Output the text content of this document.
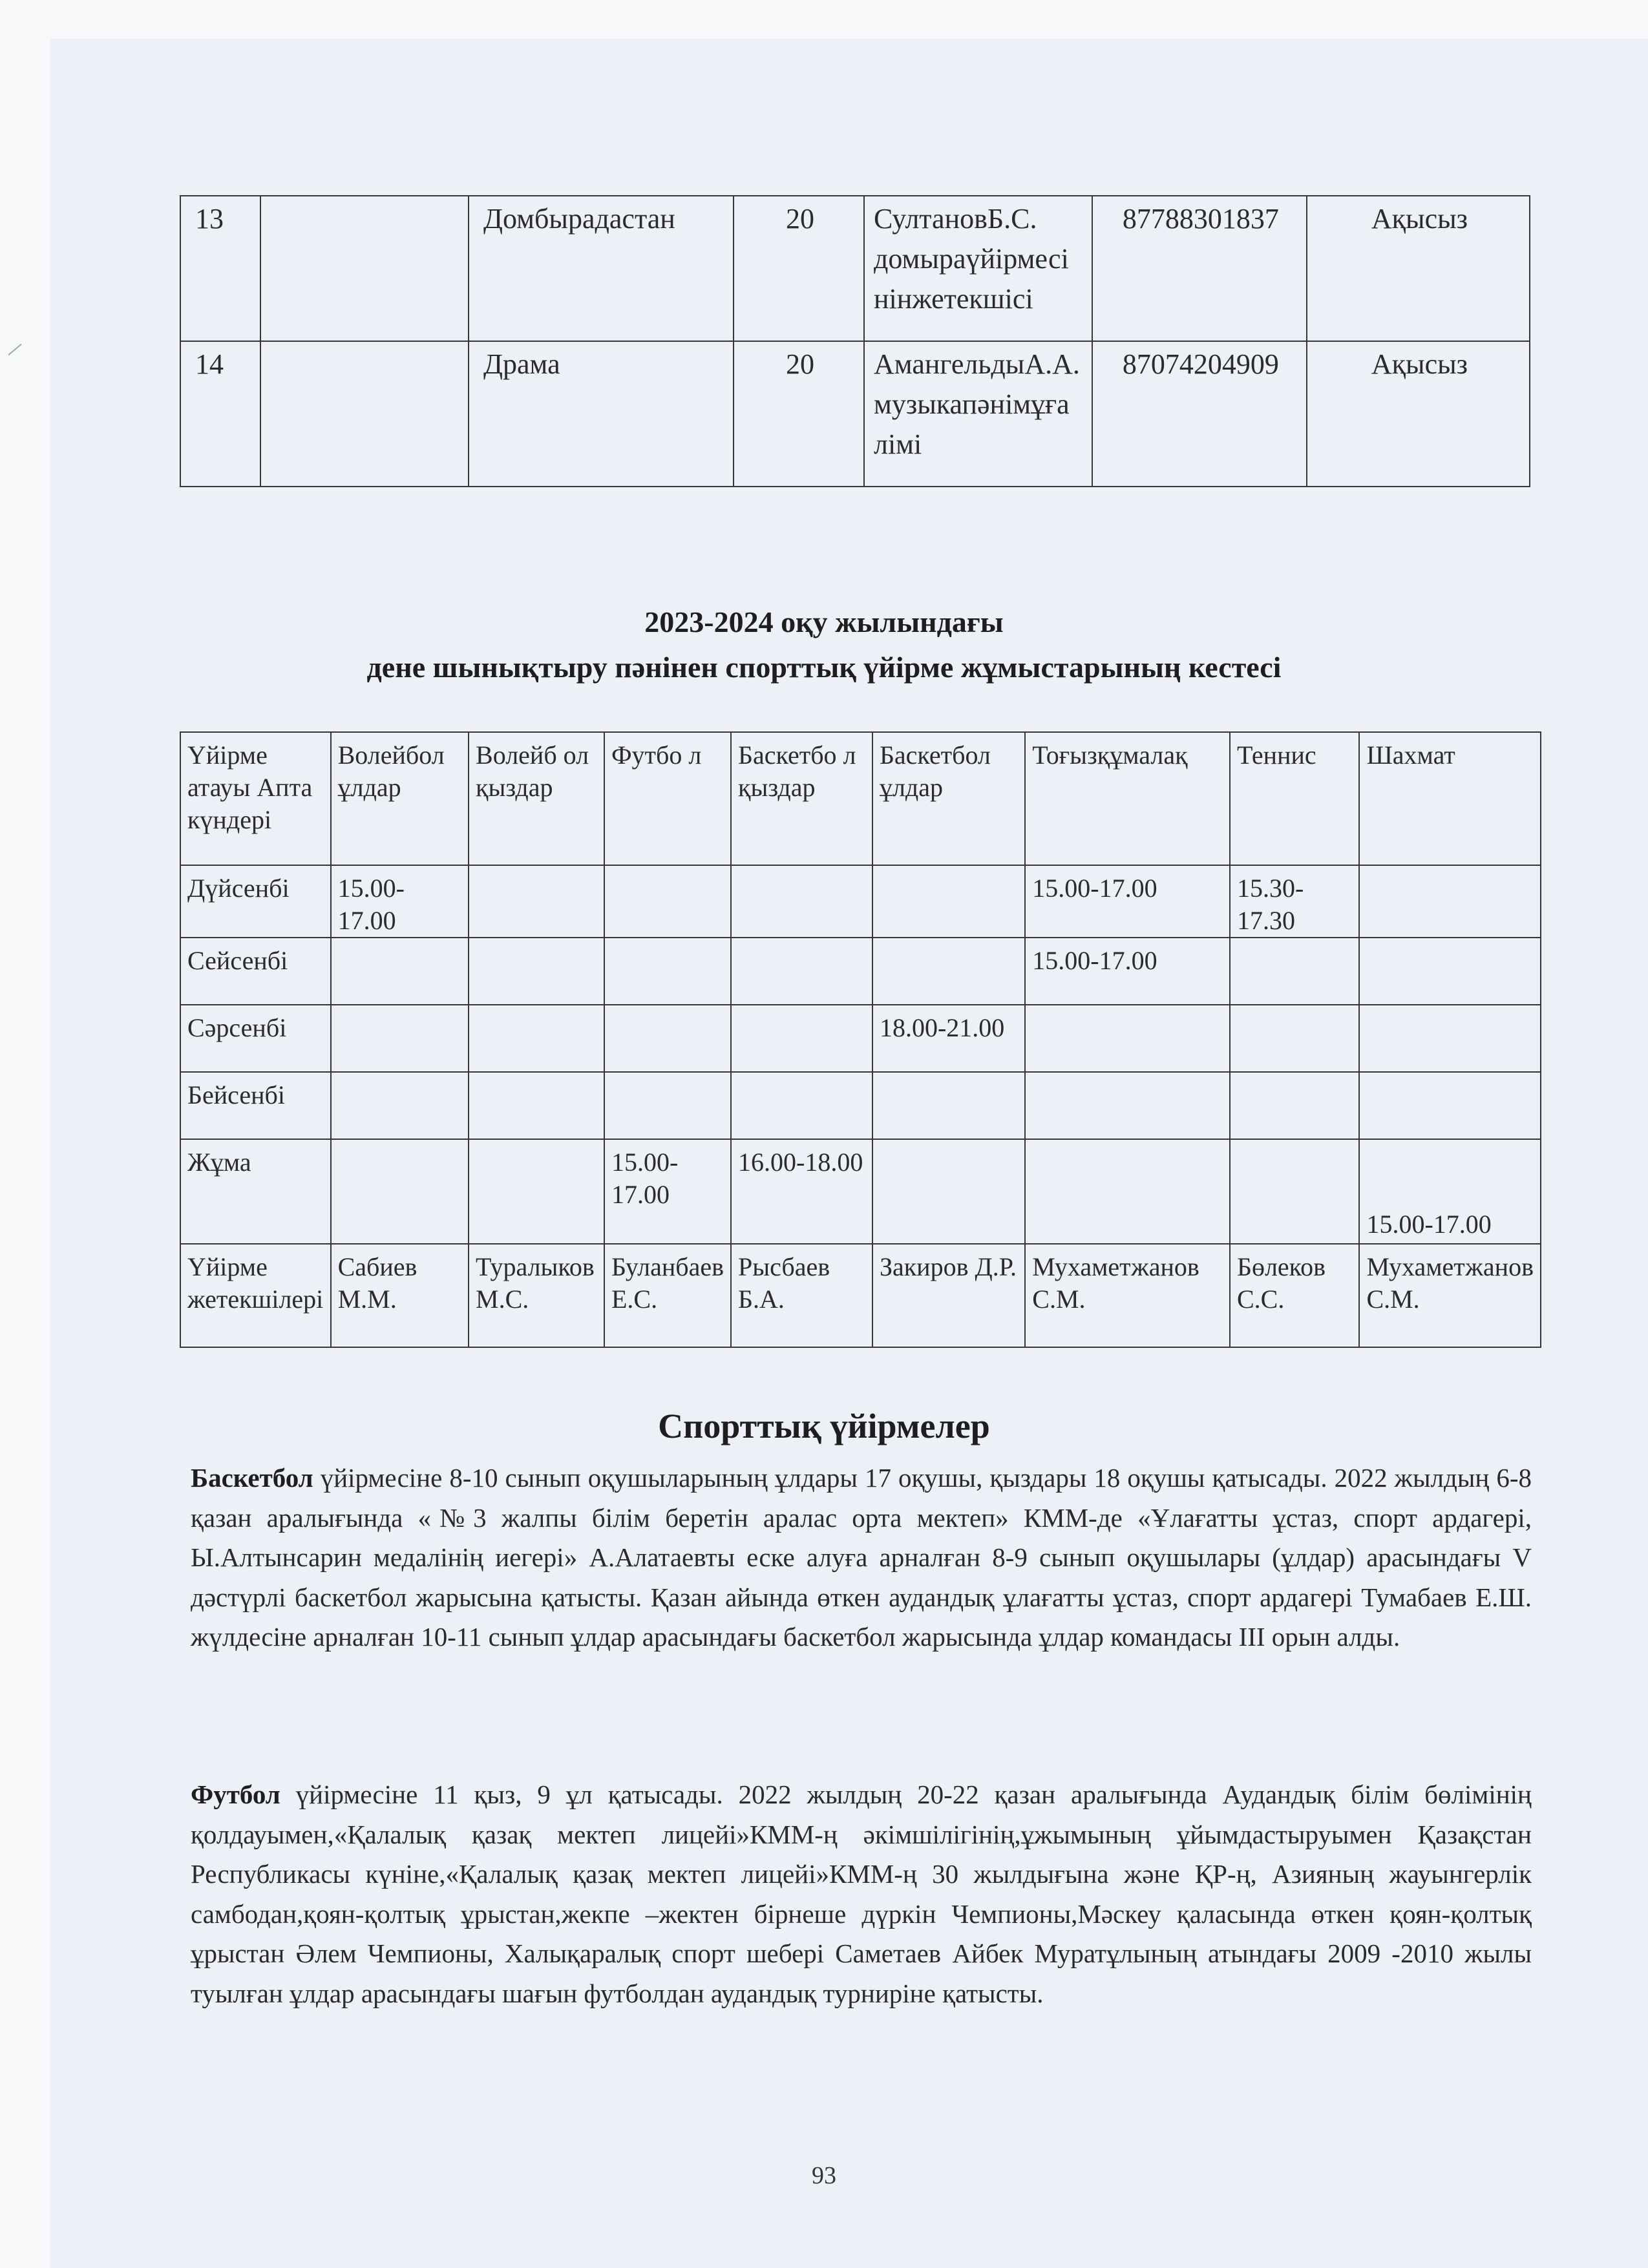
13		Домбырадастан	20	СултановБ.С. домыраүйірмесі нінжетекшісі	87788301837	Ақысыз
14		Драма	20	АмангельдыА.А. музыкапәнімұға лімі	87074204909	Ақысыз
2023-2024 оқу жылындағы
дене шынықтыру пәнінен спорттық үйірме жұмыстарының кестесі
Үйірме атауы Апта күндері	Волейбол ұлдар	Волейб ол қыздар	Футбо л	Баскетбо л қыздар	Баскетбол ұлдар	Тоғызқұмалақ	Теннис	Шахмат
Дүйсенбі	15.00-17.00					15.00-17.00	15.30-17.30	
Сейсенбі						15.00-17.00		
Сәрсенбі					18.00-21.00			
Бейсенбі								
Жұма			15.00-17.00	16.00-18.00				15.00-17.00
Үйірме жетекшілері	Сабиев М.М.	Туралыков М.С.	Буланбаев Е.С.	Рысбаев Б.А.	Закиров Д.Р.	Мухаметжанов С.М.	Бөлеков С.С.	Мухаметжанов С.М.
Спорттық үйірмелер
Баскетбол үйірмесіне 8-10 сынып оқушыларының ұлдары 17 оқушы, қыздары 18 оқушы қатысады. 2022 жылдың 6-8 қазан аралығында «№3 жалпы білім беретін аралас орта мектеп» КММ-де «Ұлағатты ұстаз, спорт ардагері, Ы.Алтынсарин медалінің иегері» А.Алатаевты еске алуға арналған 8-9 сынып оқушылары (ұлдар) арасындағы V дәстүрлі баскетбол жарысына қатысты. Қазан айында өткен аудандық ұлағатты ұстаз, спорт ардагері Тумабаев Е.Ш. жүлдесіне арналған 10-11 сынып ұлдар арасындағы баскетбол жарысында ұлдар командасы ІІІ орын алды.
Футбол үйірмесіне 11 қыз, 9 ұл қатысады. 2022 жылдың 20-22 қазан аралығында Аудандық білім бөлімінің қолдауымен,«Қалалық қазақ мектеп лицейі»КММ-ң әкімшілігінің,ұжымының ұйымдастыруымен Қазақстан Республикасы күніне,«Қалалық қазақ мектеп лицейі»КММ-ң 30 жылдығына және ҚР-ң, Азияның жауынгерлік самбодан,қоян-қолтық ұрыстан,жекпе –жектен бірнеше дүркін Чемпионы,Мәскеу қаласында өткен қоян-қолтық ұрыстан Әлем Чемпионы, Халықаралық спорт шебері Саметаев Айбек Муратұлының атындағы 2009 -2010 жылы туылған ұлдар арасындағы шағын футболдан аудандық турниріне қатысты.
93
